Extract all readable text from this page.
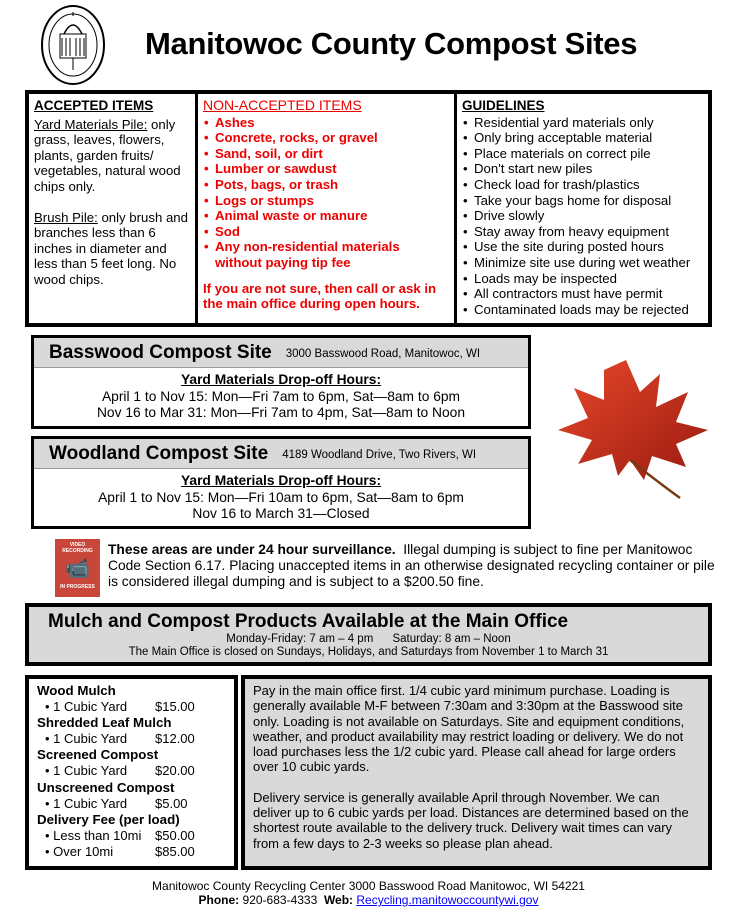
Manitowoc County Compost Sites
ACCEPTED ITEMS

Yard Materials Pile: only grass, leaves, flowers, plants, garden fruits/ vegetables, natural wood chips only.

Brush Pile: only brush and branches less than 6 inches in diameter and less than 5 feet long. No wood chips.

NON-ACCEPTED ITEMS
• Ashes
• Concrete, rocks, or gravel
• Sand, soil, or dirt
• Lumber or sawdust
• Pots, bags, or trash
• Logs or stumps
• Animal waste or manure
• Sod
• Any non-residential materials without paying tip fee

If you are not sure, then call or ask in the main office during open hours.

GUIDELINES
• Residential yard materials only
• Only bring acceptable material
• Place materials on correct pile
• Don't start new piles
• Check load for trash/plastics
• Take your bags home for disposal
• Drive slowly
• Stay away from heavy equipment
• Use the site during posted hours
• Minimize site use during wet weather
• Loads may be inspected
• All contractors must have permit
• Contaminated loads may be rejected
Basswood Compost Site 3000 Basswood Road, Manitowoc, WI
Yard Materials Drop-off Hours:
April 1 to Nov 15: Mon—Fri 7am to 6pm, Sat—8am to 6pm
Nov 16 to Mar 31: Mon—Fri 7am to 4pm, Sat—8am to Noon
Woodland Compost Site 4189 Woodland Drive, Two Rivers, WI
Yard Materials Drop-off Hours:
April 1 to Nov 15: Mon—Fri 10am to 6pm, Sat—8am to 6pm
Nov 16 to March 31—Closed
VIDEO RECORDING
📹
IN PROGRESS
These areas are under 24 hour surveillance.  Illegal dumping is subject to fine per Manitowoc Code Section 6.17. Placing unaccepted items in an otherwise designated recycling container or pile is considered illegal dumping and is subject to a $200.50 fine.
Mulch and Compost Products Available at the Main Office
Monday-Friday: 7 am – 4 pm      Saturday: 8 am – Noon
The Main Office is closed on Sundays, Holidays, and Saturdays from November 1 to March 31
Wood Mulch
• 1 Cubic Yard	$15.00
Shredded Leaf Mulch
• 1 Cubic Yard	$12.00
Screened Compost
• 1 Cubic Yard	$20.00
Unscreened Compost
• 1 Cubic Yard	$5.00
Delivery Fee (per load)
• Less than 10mi	$50.00
• Over 10mi	$85.00

Pay in the main office first. 1/4 cubic yard minimum purchase. Loading is generally available M-F between 7:30am and 3:30pm at the Basswood site only. Loading is not available on Saturdays. Site and equipment conditions, weather, and product availability may restrict loading or delivery. We do not load purchases less the 1/2 cubic yard. Please call ahead for large orders over 10 cubic yards.

Delivery service is generally available April through November. We can deliver up to 6 cubic yards per load. Distances are determined based on the shortest route available to the delivery truck. Delivery wait times can vary from a few days to 2-3 weeks so please plan ahead.

Manitowoc County Recycling Center 3000 Basswood Road Manitowoc, WI 54221
Phone: 920-683-4333 Web: Recycling.manitowoccountywi.gov
